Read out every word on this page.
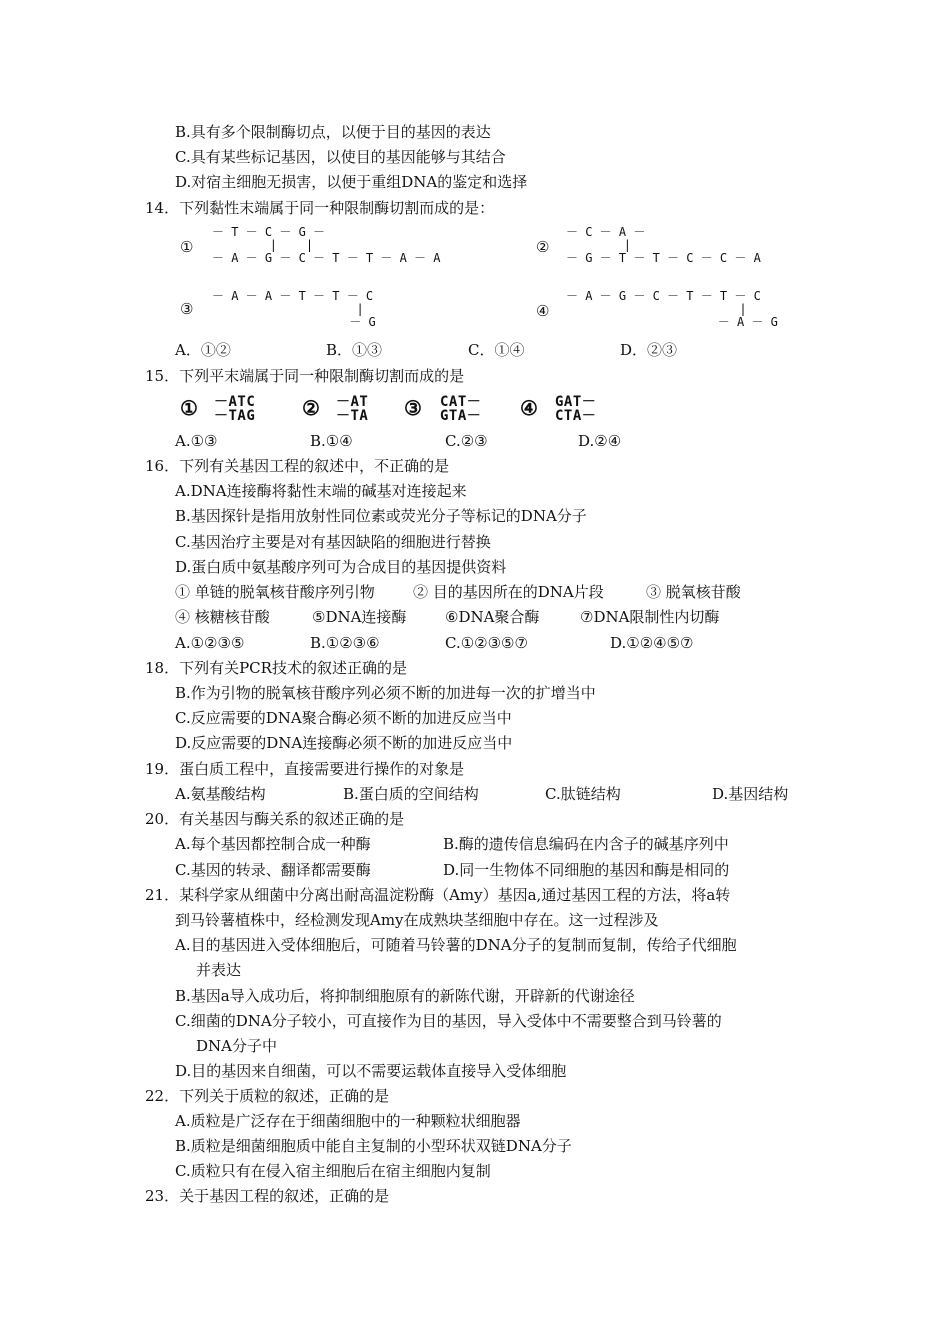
B.具有多个限制酶切点，以便于目的基因的表达
C.具有某些标记基因，以使目的基因能够与其结合
D.对宿主细胞无损害，以便于重组DNA的鉴定和选择
14．下列黏性末端属于同一种限制酶切割而成的是：
①
－ T － C － G －
|    |
－ A － G － C － T － T － A － A
②
－ C － A －
|
－ G － T － T － C － C － A
③
－ A － A － T － T － C
|
－ G
④
－ A － G － C － T － T － C
|
－ A － G
A．①②	B．①③	C．①④	D．②③
15．下列平末端属于同一种限制酶切割而成的是
① －ATC
－TAG ② －AT
－TA ③ CAT－
GTA－ ④ GAT－
CTA－
A.①③	B.①④	C.②③	D.②④
16．下列有关基因工程的叙述中，不正确的是
A.DNA连接酶将黏性末端的碱基对连接起来
B.基因探针是指用放射性同位素或荧光分子等标记的DNA分子
C.基因治疗主要是对有基因缺陷的细胞进行替换
D.蛋白质中氨基酸序列可为合成目的基因提供资料
① 单链的脱氧核苷酸序列引物	② 目的基因所在的DNA片段	③ 脱氧核苷酸
④ 核糖核苷酸	⑤DNA连接酶	⑥DNA聚合酶	⑦DNA限制性内切酶
A.①②③⑤	B.①②③⑥	C.①②③⑤⑦	D.①②④⑤⑦
18．下列有关PCR技术的叙述正确的是
B.作为引物的脱氧核苷酸序列必须不断的加进每一次的扩增当中
C.反应需要的DNA聚合酶必须不断的加进反应当中
D.反应需要的DNA连接酶必须不断的加进反应当中
19．蛋白质工程中，直接需要进行操作的对象是
A.氨基酸结构	B.蛋白质的空间结构	C.肽链结构	D.基因结构
20．有关基因与酶关系的叙述正确的是
A.每个基因都控制合成一种酶	B.酶的遗传信息编码在内含子的碱基序列中
C.基因的转录、翻译都需要酶	D.同一生物体不同细胞的基因和酶是相同的
21．某科学家从细菌中分离出耐高温淀粉酶（Amy）基因a,通过基因工程的方法，将a转
到马铃薯植株中，经检测发现Amy在成熟块茎细胞中存在。这一过程涉及
A.目的基因进入受体细胞后，可随着马铃薯的DNA分子的复制而复制，传给子代细胞
并表达
B.基因a导入成功后，将抑制细胞原有的新陈代谢，开辟新的代谢途径
C.细菌的DNA分子较小，可直接作为目的基因，导入受体中不需要整合到马铃薯的
DNA分子中
D.目的基因来自细菌，可以不需要运载体直接导入受体细胞
22．下列关于质粒的叙述，正确的是
A.质粒是广泛存在于细菌细胞中的一种颗粒状细胞器
B.质粒是细菌细胞质中能自主复制的小型环状双链DNA分子
C.质粒只有在侵入宿主细胞后在宿主细胞内复制
23．关于基因工程的叙述，正确的是
